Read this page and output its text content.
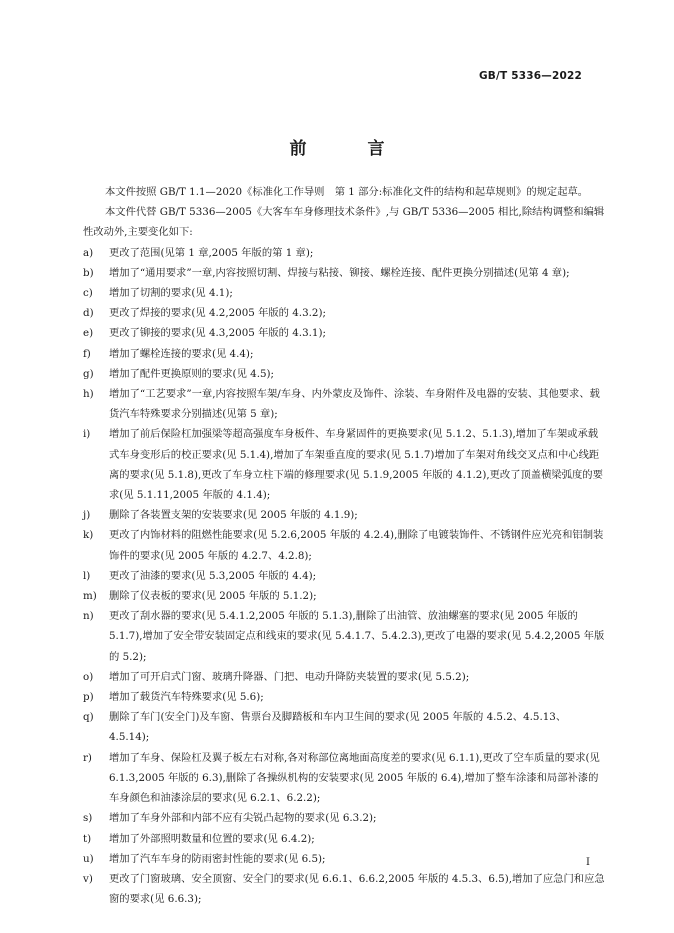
GB/T 5336—2022
前　言

本文件按照 GB/T 1.1—2020《标准化工作导则　第 1 部分:标准化文件的结构和起草规则》的规定起草。

本文件代替 GB/T 5336—2005《大客车车身修理技术条件》,与 GB/T 5336—2005 相比,除结构调整和编辑性改动外,主要变化如下:

a) 更改了范围(见第 1 章,2005 年版的第 1 章);
b) 增加了“通用要求”一章,内容按照切割、焊接与粘接、铆接、螺栓连接、配件更换分别描述(见第 4 章);
c) 增加了切割的要求(见 4.1);
d) 更改了焊接的要求(见 4.2,2005 年版的 4.3.2);
e) 更改了铆接的要求(见 4.3,2005 年版的 4.3.1);
f) 增加了螺栓连接的要求(见 4.4);
g) 增加了配件更换原则的要求(见 4.5);
h) 增加了“工艺要求”一章,内容按照车架/车身、内外蒙皮及饰件、涂装、车身附件及电器的安装、其他要求、载货汽车特殊要求分别描述(见第 5 章);
i) 增加了前后保险杠加强梁等超高强度车身板件、车身紧固件的更换要求(见 5.1.2、5.1.3),增加了车架或承载式车身变形后的校正要求(见 5.1.4),增加了车架垂直度的要求(见 5.1.7)增加了车架对角线交叉点和中心线距离的要求(见 5.1.8),更改了车身立柱下端的修理要求(见 5.1.9,2005 年版的 4.1.2),更改了顶盖横梁弧度的要求(见 5.1.11,2005 年版的 4.1.4);
j) 删除了各装置支架的安装要求(见 2005 年版的 4.1.9);
k) 更改了内饰材料的阻燃性能要求(见 5.2.6,2005 年版的 4.2.4),删除了电镀装饰件、不锈钢件应光亮和铝制装饰件的要求(见 2005 年版的 4.2.7、4.2.8);
l) 更改了油漆的要求(见 5.3,2005 年版的 4.4);
m) 删除了仪表板的要求(见 2005 年版的 5.1.2);
n) 更改了刮水器的要求(见 5.4.1.2,2005 年版的 5.1.3),删除了出油管、放油螺塞的要求(见 2005 年版的 5.1.7),增加了安全带安装固定点和线束的要求(见 5.4.1.7、5.4.2.3),更改了电器的要求(见 5.4.2,2005 年版的 5.2);
o) 增加了可开启式门窗、玻璃升降器、门把、电动升降防夹装置的要求(见 5.5.2);
p) 增加了载货汽车特殊要求(见 5.6);
q) 删除了车门(安全门)及车窗、售票台及脚踏板和车内卫生间的要求(见 2005 年版的 4.5.2、4.5.13、4.5.14);
r) 增加了车身、保险杠及翼子板左右对称,各对称部位离地面高度差的要求(见 6.1.1),更改了空车质量的要求(见 6.1.3,2005 年版的 6.3),删除了各操纵机构的安装要求(见 2005 年版的 6.4),增加了整车涂漆和局部补漆的车身颜色和油漆涂层的要求(见 6.2.1、6.2.2);
s) 增加了车身外部和内部不应有尖锐凸起物的要求(见 6.3.2);
t) 增加了外部照明数量和位置的要求(见 6.4.2);
u) 增加了汽车车身的防雨密封性能的要求(见 6.5);
v) 更改了门窗玻璃、安全顶窗、安全门的要求(见 6.6.1、6.6.2,2005 年版的 4.5.3、6.5),增加了应急门和应急窗的要求(见 6.6.3);
I
